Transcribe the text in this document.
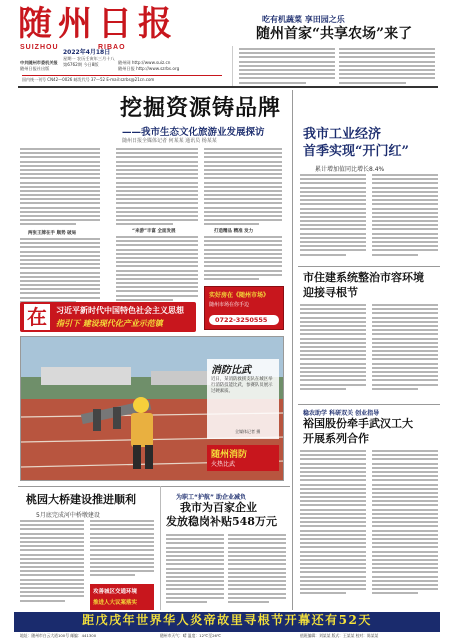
随州日报
SUIZHOU	RIBAO
2022年4月18日
星期一 农历壬寅年三月十八
第6762期 今日8版	随州网 http://www.suiz.cn
随州日报 http://www.szrbs.org
中共随州市委机关报
随州日报社出版
国内统一刊号 CN42—0026 邮发代号 37—52 E-mail:szrbs@21cn.com
吃有机蔬菜 享田园之乐
随州首家“共享农场”来了
挖掘资源铸品牌
——我市生态文化旅游业发展探访
随州日报全媒体记者 何某某 通讯员 杨某某
两张王牌在手 顺势 破局	“来游”丰富 全面发展	打造精品 精准 发力
在	习近平新时代中国特色社会主义思想
指引下 建设现代化产业示范镇
实好房在《随州市场》
随州市场在你手边
0722-3250555
消防比武
近日，某消防救援支队在城区举行消防技能比武，参赛队员展示过硬素质。
全媒体记者 摄
随州消防
火热比武
我市工业经济
首季实现“开门红”
累计增加值同比增长8.4%
市住建系统整治市容环境
迎接寻根节
稳农助学 科研双关 创业指导
裕国股份牵手武汉工大
开展系列合作
桃园大桥建设推进顺利
5月底完成河中桥墩建设
攻善城区交通环境
推进人大议案落实
为职工“护航” 助企业减负
我市为百家企业
发放稳岗补贴548万元
距戊戌年世界华人炎帝故里寻根节开幕还有52天
地址：随州市白云大道100号 邮编：441300	随州市天气：晴 温度：12℃至26℃	值班编辑：刘某某 版式：王某某 校对：陈某某
